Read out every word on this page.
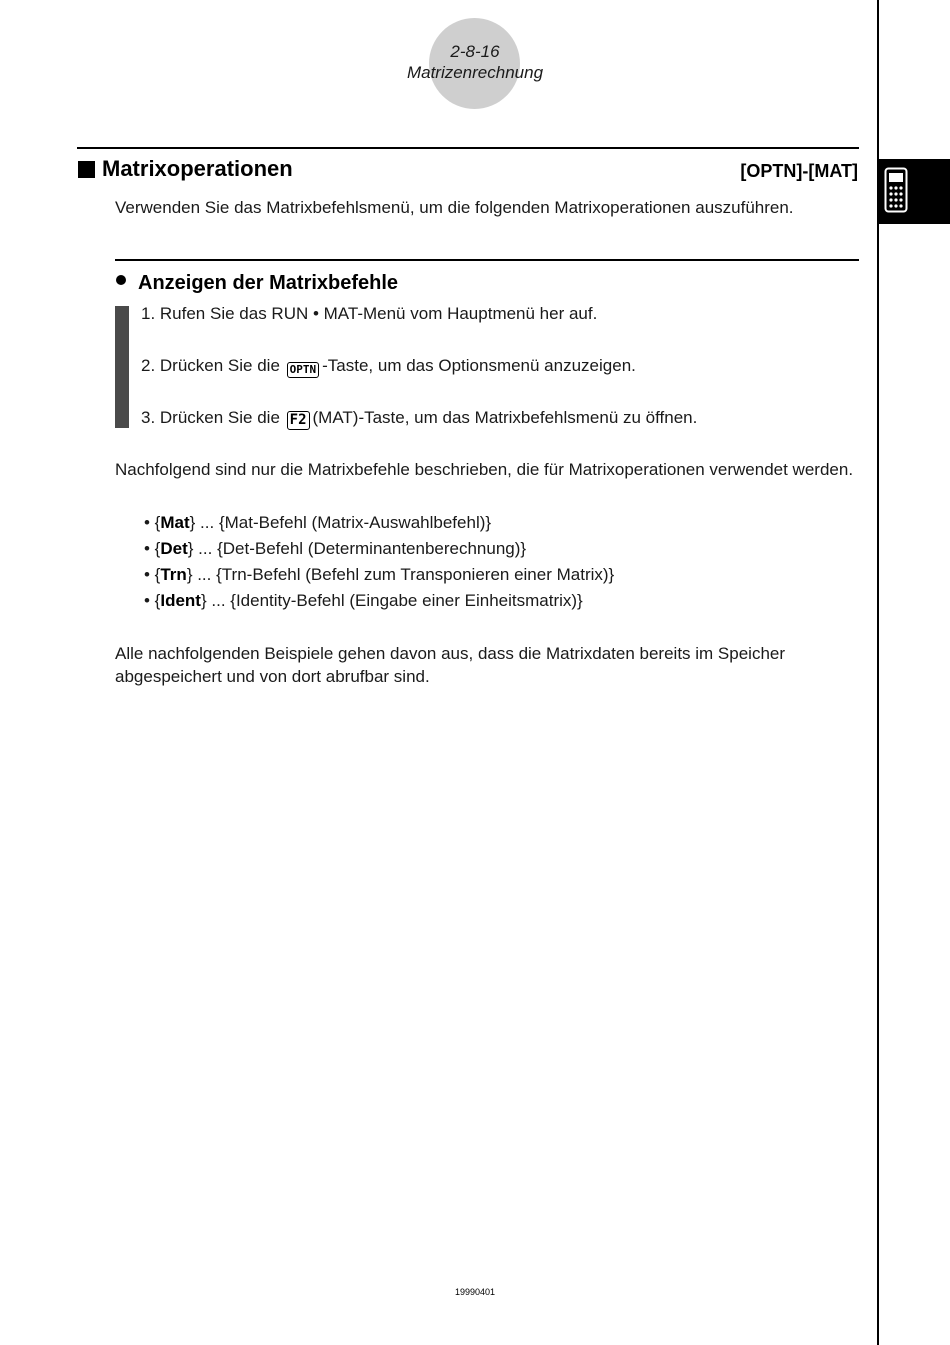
2-8-16
Matrizenrechnung
Matrixoperationen	[OPTN]-[MAT]
Verwenden Sie das Matrixbefehlsmenü, um die folgenden Matrixoperationen auszuführen.
Anzeigen der Matrixbefehle
1. Rufen Sie das RUN • MAT-Menü vom Hauptmenü her auf.
2. Drücken Sie die OPTN -Taste, um das Optionsmenü anzuzeigen.
3. Drücken Sie die F2 (MAT)-Taste, um das Matrixbefehlsmenü zu öffnen.
Nachfolgend sind nur die Matrixbefehle beschrieben, die für Matrixoperationen verwendet werden.
• {Mat} ... {Mat-Befehl (Matrix-Auswahlbefehl)}
• {Det} ... {Det-Befehl (Determinantenberechnung)}
• {Trn} ... {Trn-Befehl (Befehl zum Transponieren einer Matrix)}
• {Ident} ... {Identity-Befehl (Eingabe einer Einheitsmatrix)}
Alle nachfolgenden Beispiele gehen davon aus, dass die Matrixdaten bereits im Speicher abgespeichert und von dort abrufbar sind.
19990401
